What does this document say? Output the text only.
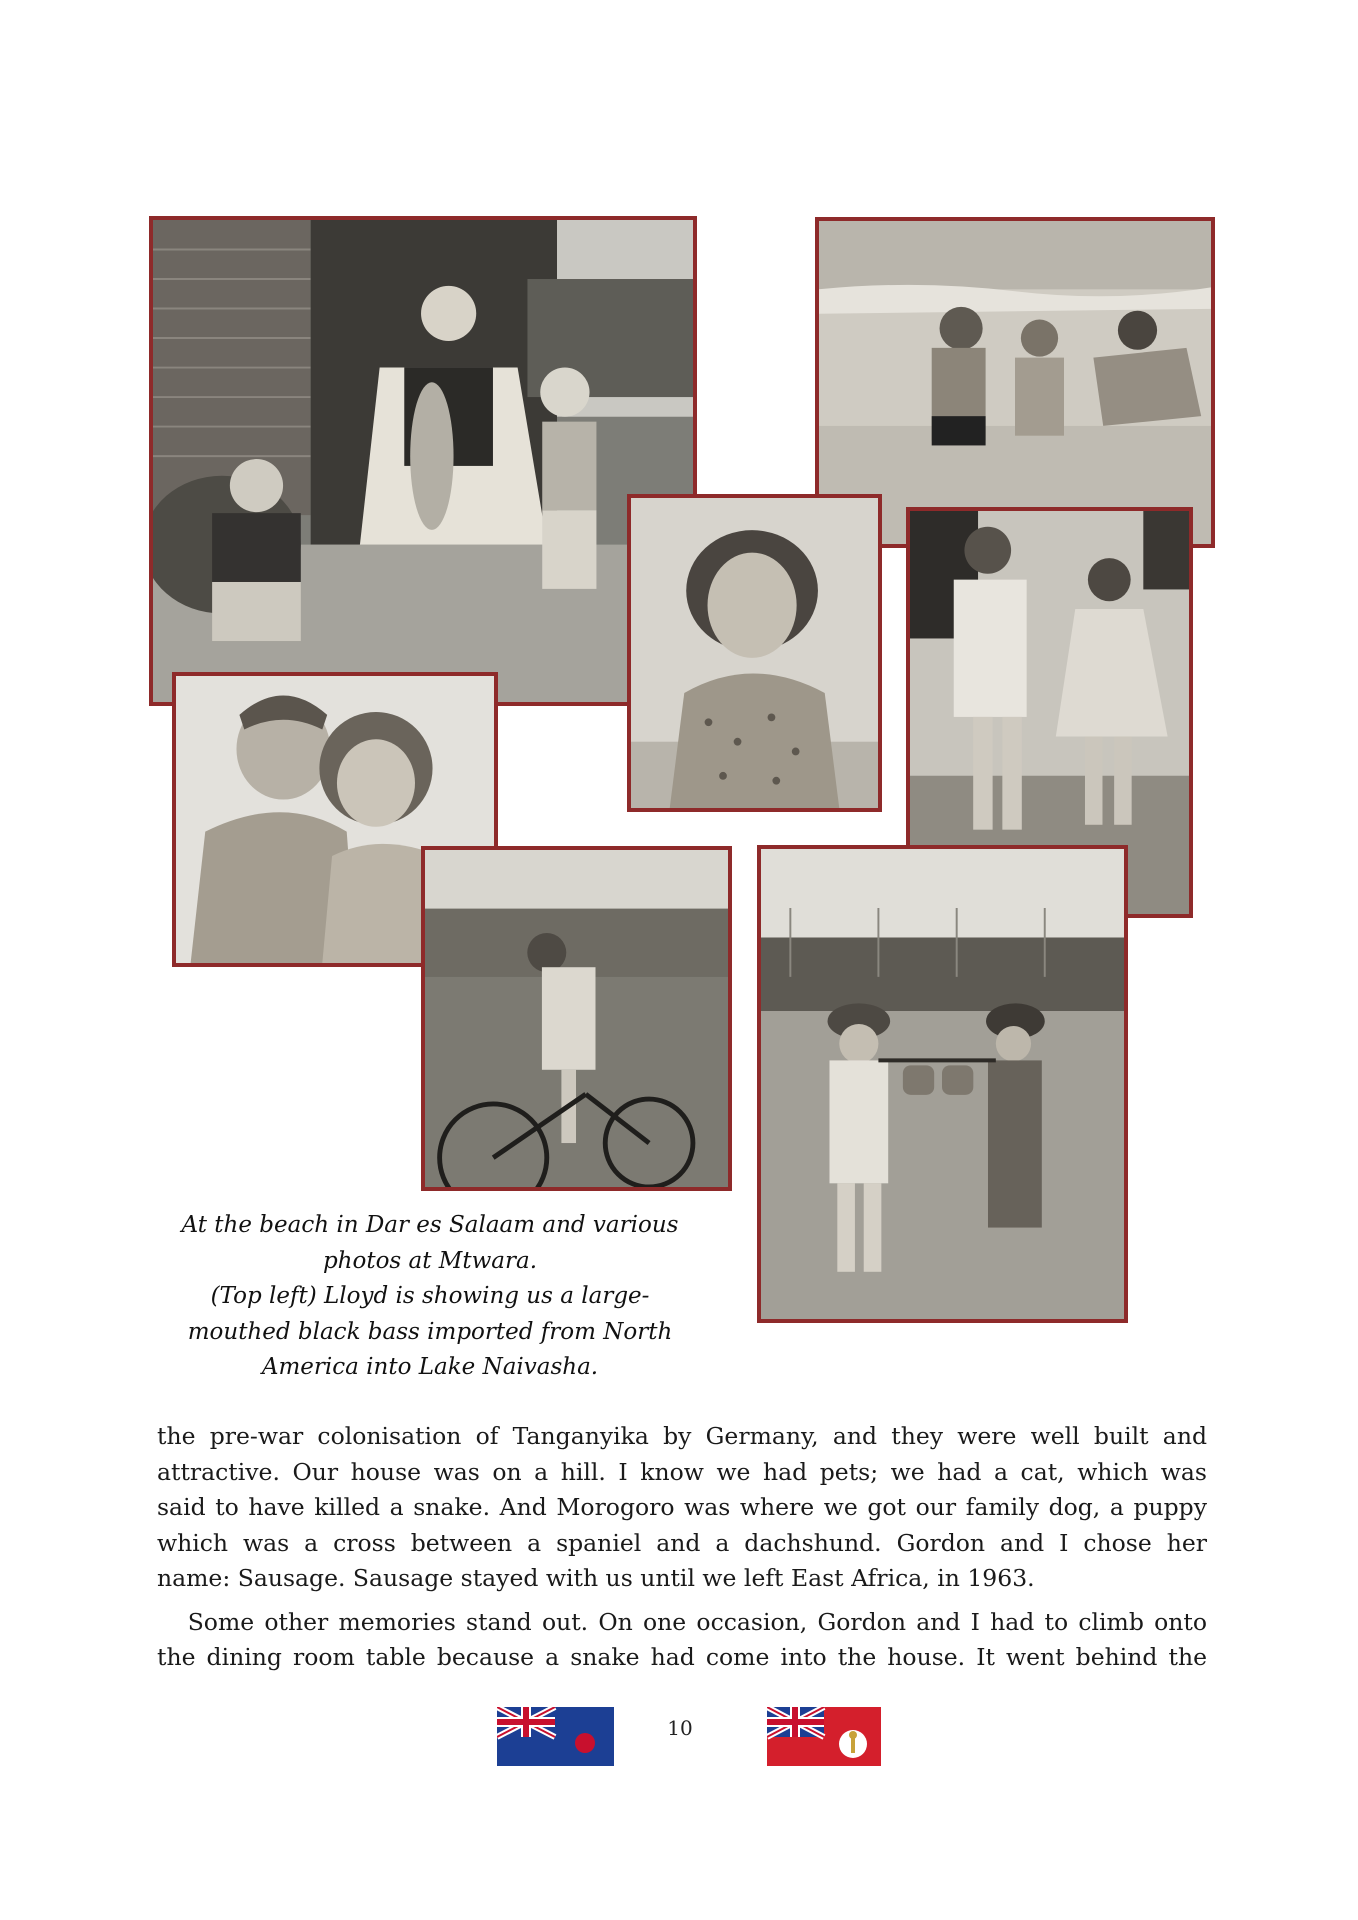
At the beach in Dar es Salaam and various
photos at Mtwara.
(Top left) Lloyd is showing us a large-
mouthed black bass imported from North
America into Lake Naivasha.

the pre-war colonisation of Tanganyika by Germany, and they were well built and

attractive. Our house was on a hill. I know we had pets; we had a cat, which was

said to have killed a snake. And Morogoro was where we got our family dog, a puppy

which was a cross between a spaniel and a dachshund. Gordon and I chose her

name: Sausage. Sausage stayed with us until we left East Africa, in 1963.

Some other memories stand out. On one occasion, Gordon and I had to climb onto

the dining room table because a snake had come into the house. It went behind the

10
